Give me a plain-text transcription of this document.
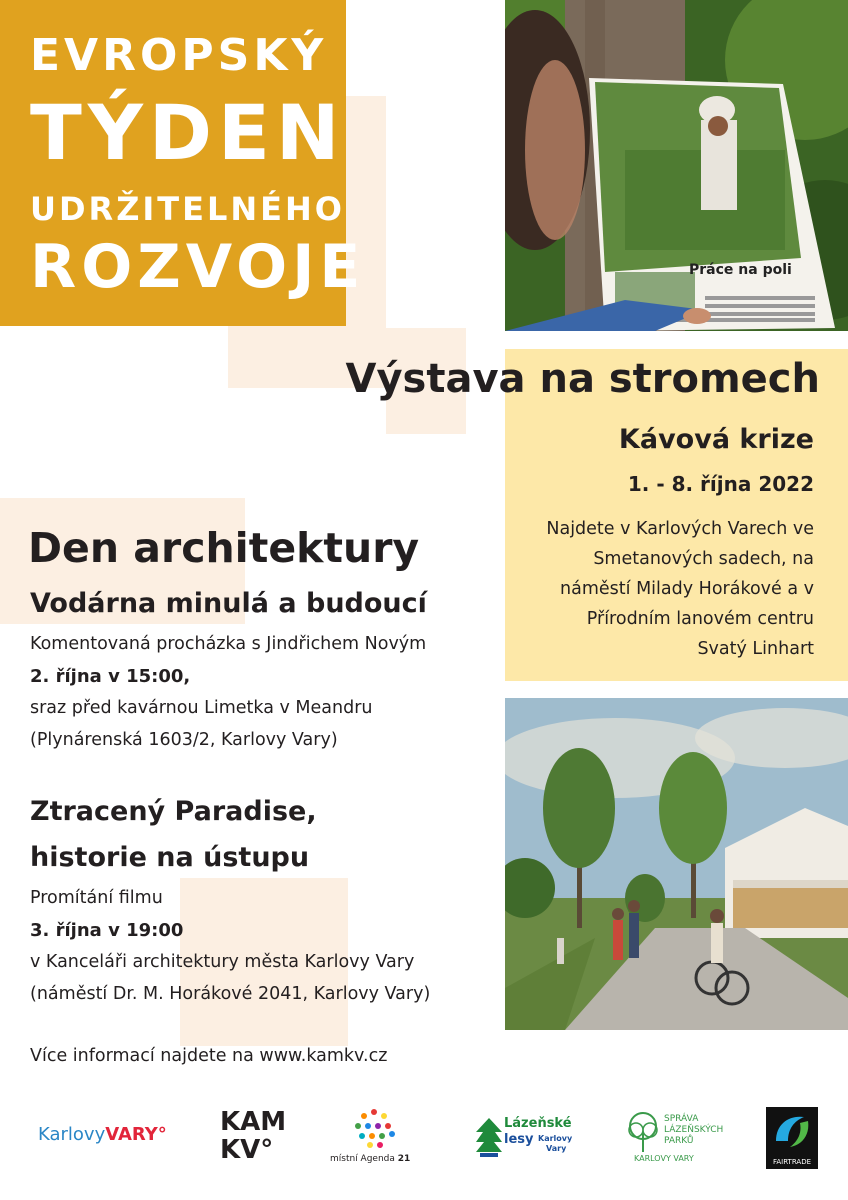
EVROPSKÝ
TÝDEN
UDRŽITELNÉHO
ROZVOJE	Práce na poli
Výstava na stromech
Kávová krize
1. - 8. října 2022
Najdete v Karlových Varech ve
Smetanových sadech, na
náměstí Milady Horákové a v
Přírodním lanovém centru
Svatý Linhart
Den architektury
Vodárna minulá a budoucí
Komentovaná procházka s Jindřichem Novým
2. října v 15:00,
sraz před kavárnou Limetka v Meandru
(Plynárenská 1603/2, Karlovy Vary)
Ztracený Paradise,
historie na ústupu
Promítání filmu
3. října v 19:00
v Kanceláři architektury města Karlovy Vary
(náměstí Dr. M. Horákové 2041, Karlovy Vary)
Více informací najdete na www.kamkv.cz
KarlovyVARY° KAM
KV°	místní Agenda 21
Lázeňské
lesy Karlovy
Vary
SPRÁVA
LÁZEŇSKÝCH
PARKŮ
KARLOVY VARY	FAIRTRADE
